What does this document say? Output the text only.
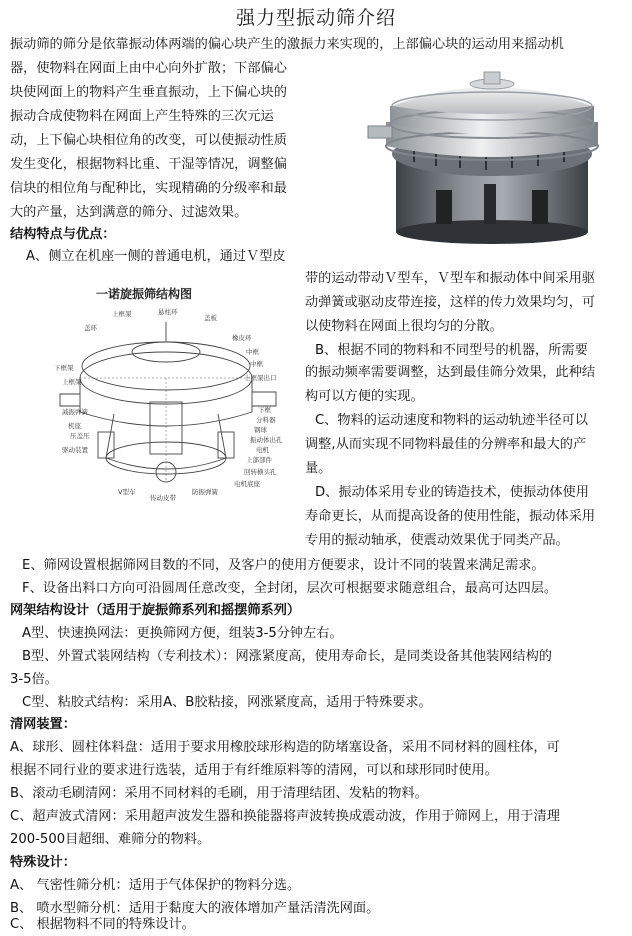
强力型振动筛介绍
振动筛的筛分是依靠振动体两端的偏心块产生的激振力来实现的，上部偏心块的运动用来摇动机
器，使物料在网面上由中心向外扩散；下部偏心
块使网面上的物料产生垂直振动，上下偏心块的
振动合成使物料在网面上产生特殊的三次元运
动，上下偏心块相位角的改变，可以使振动性质
发生变化，根据物料比重、干湿等情况，调整偏
信块的相位角与配种比，实现精确的分级率和最
大的产量，达到满意的筛分、过滤效果。
结构特点与优点：
A、侧立在机座一侧的普通电机，通过Ｖ型皮
一诺旋振筛结构图
上框架	悬柱环
盖板
盖环
下框架
上框架
减振弹簧
机座
压盖压
驱动装置
橡皮环
中框
中框
上框架出口
下框
分料器
钢球
振动体出孔
电机
上部部件
回转横头孔
电机底座
V型车
传动皮带
防振弹簧
带的运动带动Ｖ型车，Ｖ型车和振动体中间采用驱
动弹簧或驱动皮带连接，这样的传力效果均匀，可
以使物料在网面上很均匀的分散。
B、根据不同的物料和不同型号的机器，所需要
的振动频率需要调整，达到最佳筛分效果，此种结
构可以方便的实现。
C、物料的运动速度和物料的运动轨迹半径可以
调整,从而实现不同物料最佳的分辨率和最大的产
量。
D、振动体采用专业的铸造技术，使振动体使用
寿命更长，从而提高设备的使用性能，振动体采用
专用的振动轴承，使震动效果优于同类产品。
E、筛网设置根据筛网目数的不同，及客户的使用方便要求，设计不同的装置来满足需求。
F、设备出料口方向可沿圆周任意改变，全封闭，层次可根据要求随意组合，最高可达四层。
网架结构设计（适用于旋振筛系列和摇摆筛系列）
A型、快速换网法：更换筛网方便，组装3-5分钟左右。
B型、外置式装网结构（专利技术）：网涨紧度高，使用寿命长，是同类设备其他装网结构的
3-5倍。
C型、粘胶式结构：采用A、B胶粘接，网涨紧度高，适用于特殊要求。
清网装置：
A、球形、圆柱体料盘：适用于要求用橡胶球形构造的防堵塞设备，采用不同材料的圆柱体，可
根据不同行业的要求进行选装，适用于有纤维原料等的清网，可以和球形同时使用。
B、滚动毛刷清网：采用不同材料的毛刷，用于清理结团、发粘的物料。
C、超声波式清网：采用超声波发生器和换能器将声波转换成震动波，作用于筛网上，用于清理
200-500目超细、难筛分的物料。
特殊设计：
A、 气密性筛分机：适用于气体保护的物料分选。
B、 喷水型筛分机：适用于黏度大的液体增加产量活清洗网面。
C、 根据物料不同的特殊设计。
